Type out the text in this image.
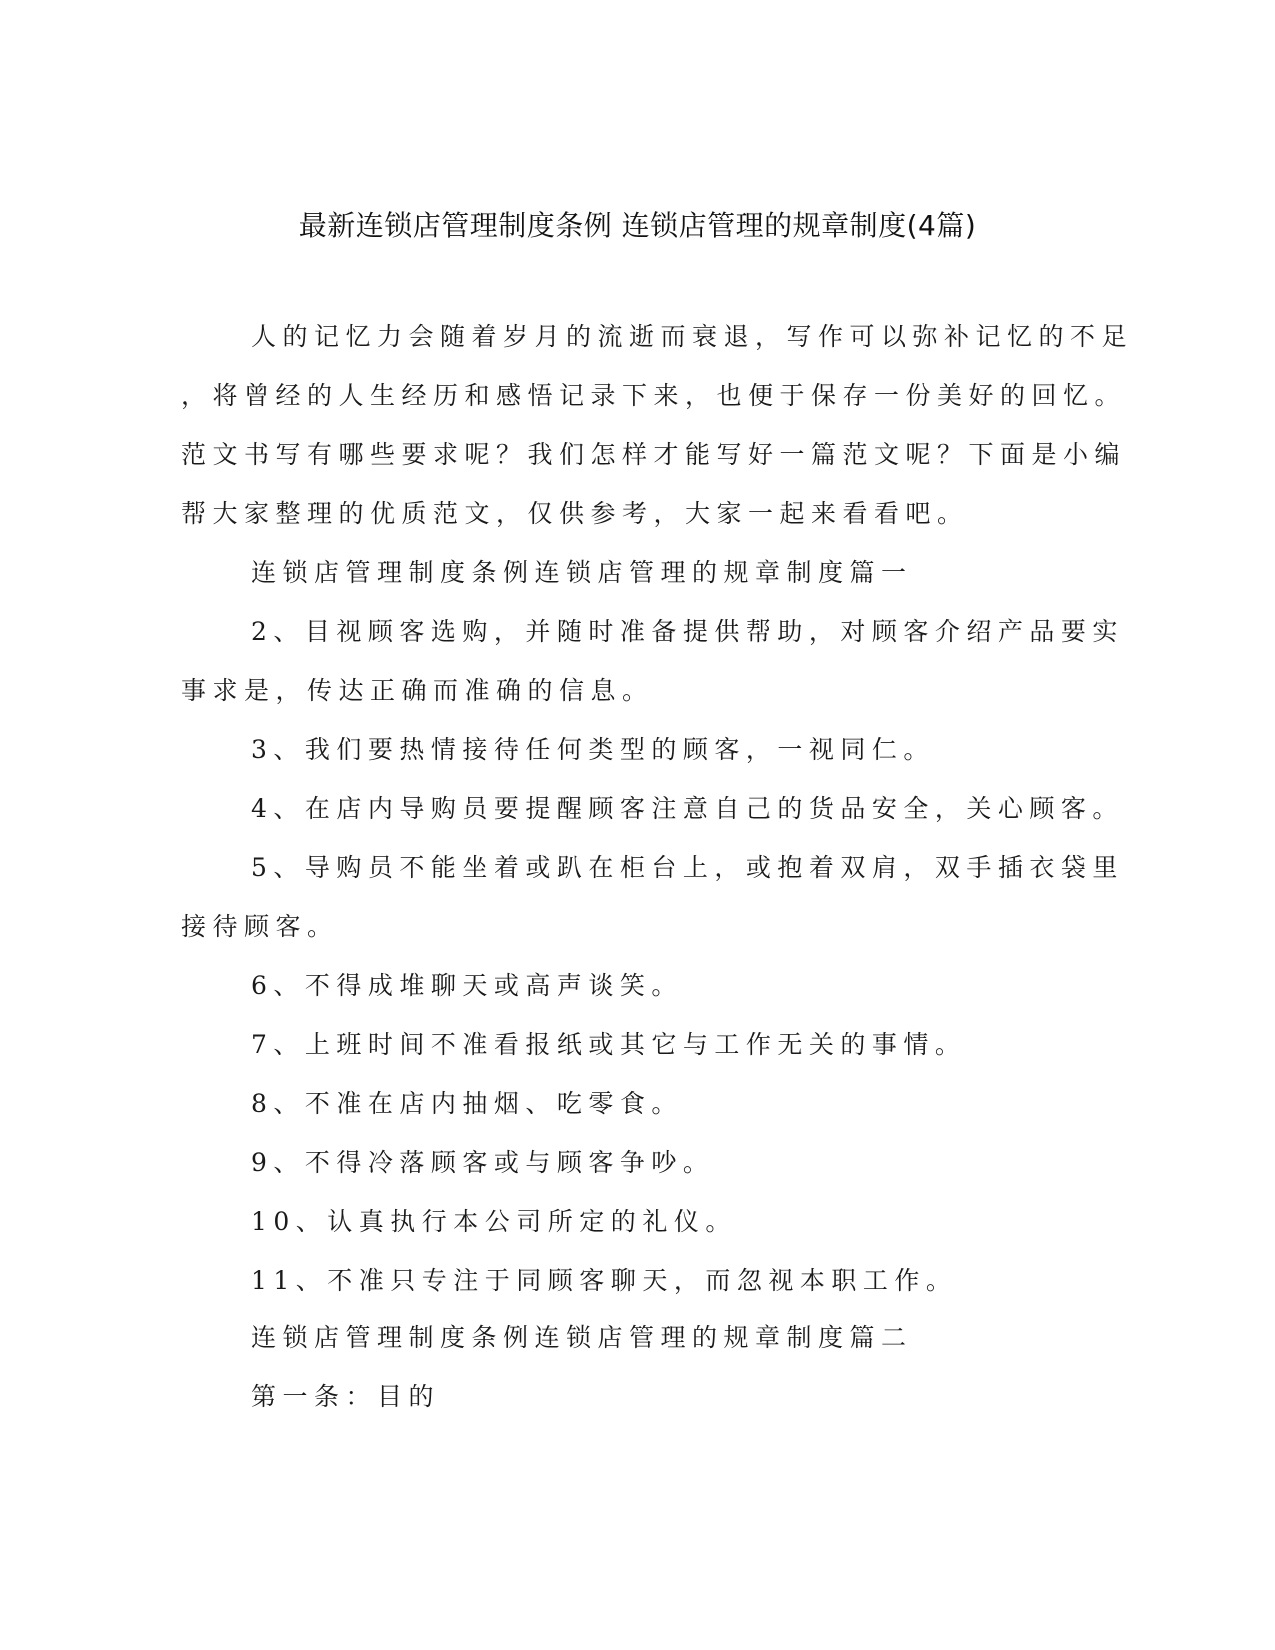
最新连锁店管理制度条例 连锁店管理的规章制度(4篇)
人的记忆力会随着岁月的流逝而衰退，写作可以弥补记忆的不足
，将曾经的人生经历和感悟记录下来，也便于保存一份美好的回忆。
范文书写有哪些要求呢？我们怎样才能写好一篇范文呢？下面是小编
帮大家整理的优质范文，仅供参考，大家一起来看看吧。
连锁店管理制度条例连锁店管理的规章制度篇一
2、目视顾客选购，并随时准备提供帮助，对顾客介绍产品要实
事求是，传达正确而准确的信息。
3、我们要热情接待任何类型的顾客，一视同仁。
4、在店内导购员要提醒顾客注意自己的货品安全，关心顾客。
5、导购员不能坐着或趴在柜台上，或抱着双肩，双手插衣袋里
接待顾客。
6、不得成堆聊天或高声谈笑。
7、上班时间不准看报纸或其它与工作无关的事情。
8、不准在店内抽烟、吃零食。
9、不得冷落顾客或与顾客争吵。
10、认真执行本公司所定的礼仪。
11、不准只专注于同顾客聊天，而忽视本职工作。
连锁店管理制度条例连锁店管理的规章制度篇二
第一条：目的
